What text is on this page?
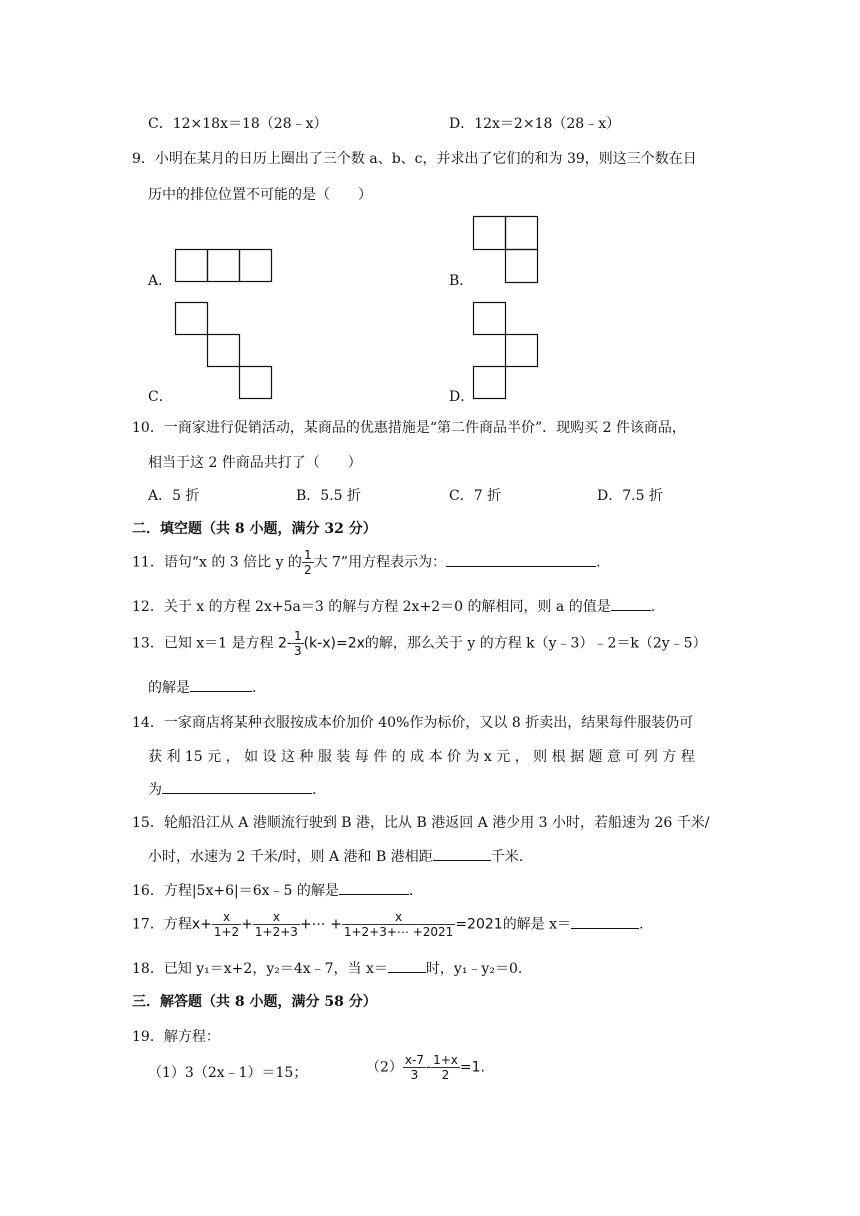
C．12×18x＝18（28﹣x）	D．12x＝2×18（28﹣x）
9．小明在某月的日历上圈出了三个数 a、b、c，并求出了它们的和为 39，则这三个数在日
历中的排位位置不可能的是（　　）
A．	B．
C．	D．
10．一商家进行促销活动，某商品的优惠措施是“第二件商品半价”．现购买 2 件该商品，
相当于这 2 件商品共打了（　　）
A．5 折	B．5.5 折	C．7 折	D．7.5 折
二．填空题（共 8 小题，满分 32 分）
11．语句“x 的 3 倍比 y 的 $\frac{1}{2}$ 大 7”用方程表示为：	.
12．关于 x 的方程 2x+5a＝3 的解与方程 2x+2＝0 的解相同，则 a 的值是	.
13．已知 x＝1 是方程 $2- \frac{1}{3} (k-x)=2x$的解，那么关于 y 的方程 k（y﹣3）﹣2＝k（2y﹣5）
的解是	.
14．一家商店将某种衣服按成本价加价 40%作为标价，又以 8 折卖出，结果每件服装仍可
获 利 15 元 ， 如 设 这 种 服 装 每 件 的 成 本 价 为 x 元 ， 则 根 据 题 意 可 列 方 程
为	.
15．轮船沿江从 A 港顺流行驶到 B 港，比从 B 港返回 A 港少用 3 小时，若船速为 26 千米/
小时，水速为 2 千米/时，则 A 港和 B 港相距	千米.
16．方程|5x+6|＝6x﹣5 的解是	.
17．方程$x+ \frac{x}{1+2} + \frac{x}{1+2+3}$ +⋯ + $\frac{x}{1+2+3+\cdots +2021} =2021$的解是 x＝	.
18．已知 y₁＝x+2，y₂＝4x﹣7，当 x＝	时，y₁﹣y₂＝0.
三．解答题（共 8 小题，满分 58 分）
19．解方程：
（1）3（2x﹣1）＝15；	$(2) \frac{x-7}{3} - \frac{1+x}{2} =1$.
